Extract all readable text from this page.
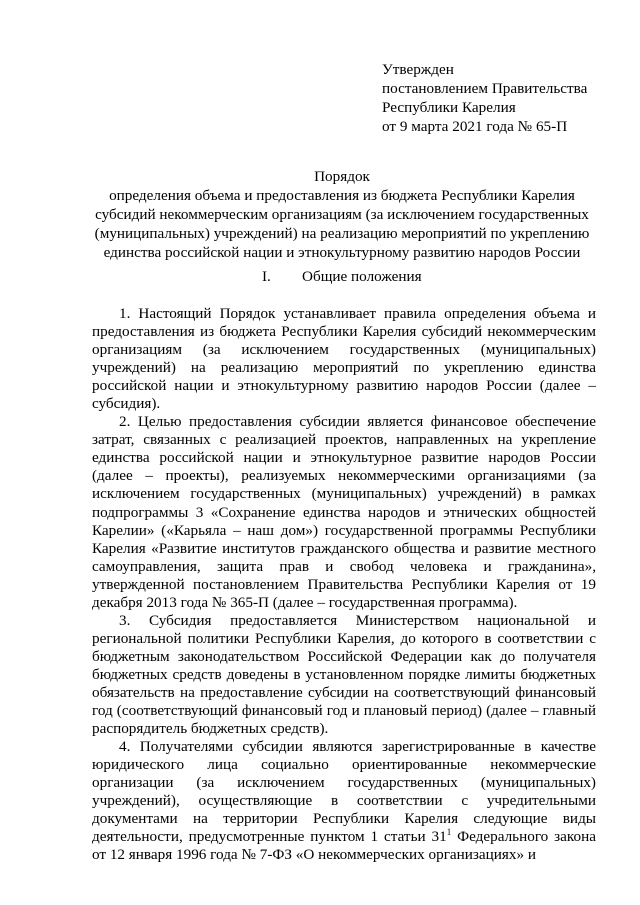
Утвержден
постановлением Правительства
Республики Карелия
от 9 марта 2021 года № 65-П
Порядок
определения объема и предоставления из бюджета Республики Карелия субсидий некоммерческим организациям (за исключением государственных (муниципальных) учреждений) на реализацию мероприятий по укреплению единства российской нации и этнокультурному развитию народов России
I. Общие положения

1. Настоящий Порядок устанавливает правила определения объема и предоставления из бюджета Республики Карелия субсидий некоммерческим организациям (за исключением государственных (муниципальных) учреждений) на реализацию мероприятий по укреплению единства российской нации и этнокультурному развитию народов России (далее – субсидия).

2. Целью предоставления субсидии является финансовое обеспечение затрат, связанных с реализацией проектов, направленных на укрепление единства российской нации и этнокультурное развитие народов России (далее – проекты), реализуемых некоммерческими организациями (за исключением государственных (муниципальных) учреждений) в рамках подпрограммы 3 «Сохранение единства народов и этнических общностей Карелии» («Карьяла – наш дом») государственной программы Республики Карелия «Развитие институтов гражданского общества и развитие местного самоуправления, защита прав и свобод человека и гражданина», утвержденной постановлением Правительства Республики Карелия от 19 декабря 2013 года № 365-П (далее – государственная программа).

3. Субсидия предоставляется Министерством национальной и региональной политики Республики Карелия, до которого в соответствии с бюджетным законодательством Российской Федерации как до получателя бюджетных средств доведены в установленном порядке лимиты бюджетных обязательств на предоставление субсидии на соответствующий финансовый год (соответствующий финансовый год и плановый период) (далее – главный распорядитель бюджетных средств).

4. Получателями субсидии являются зарегистрированные в качестве юридического лица социально ориентированные некоммерческие организации (за исключением государственных (муниципальных) учреждений), осуществляющие в соответствии с учредительными документами на территории Республики Карелия следующие виды деятельности, предусмотренные пунктом 1 статьи $31^1$ Федерального закона от 12 января 1996 года № 7-ФЗ «О некоммерческих организациях» и
